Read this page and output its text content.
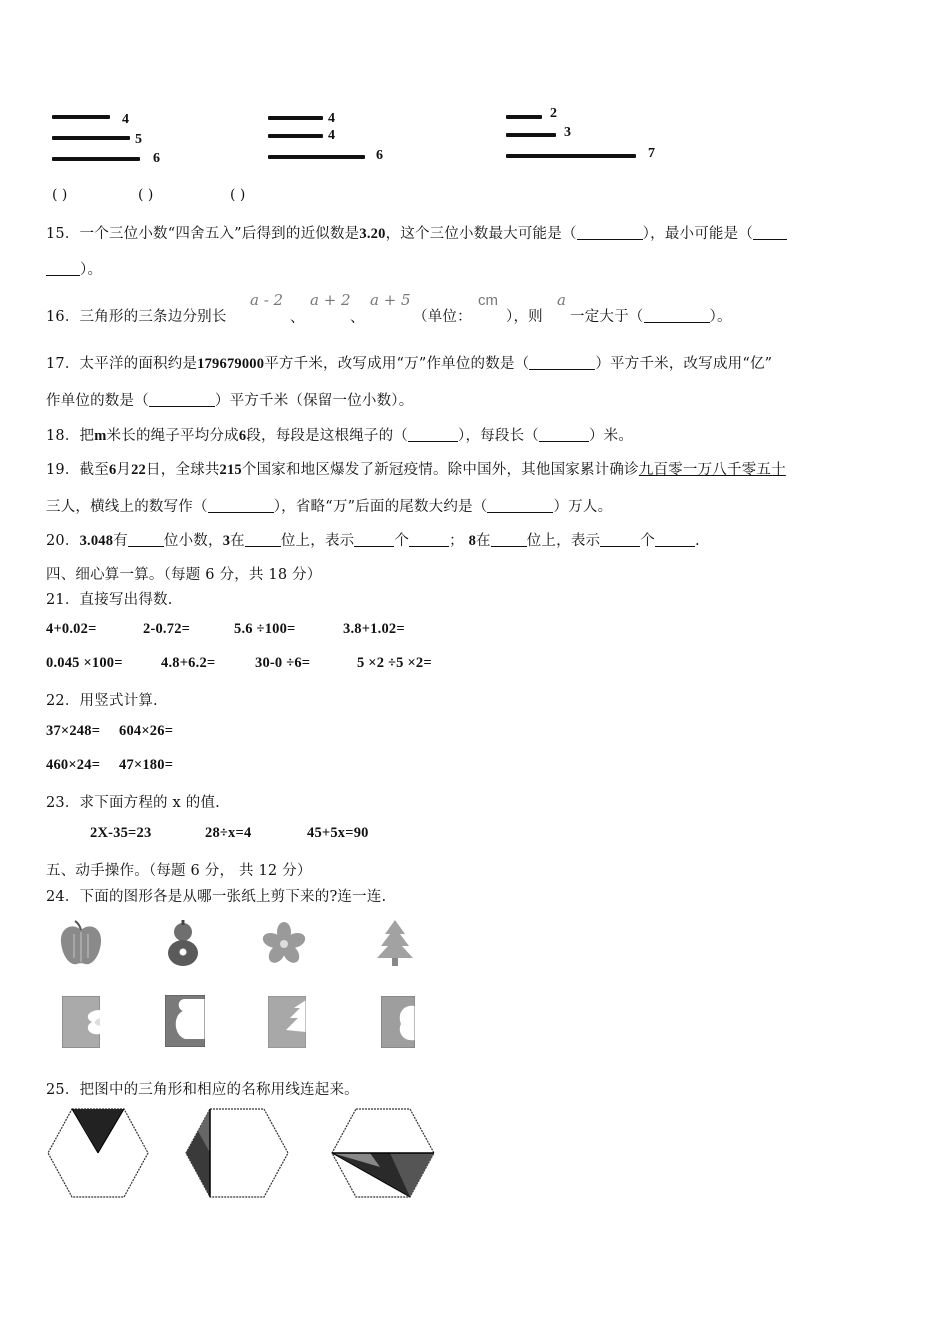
4
5
6
4
4
6
2
3
7
( )	( )	( )
15．一个三位小数“四舍五入”后得到的近似数是3.20，这个三位小数最大可能是（	），最小可能是（
）。
16．三角形的三条边分别长
a - 2
、
a + 2
、
a + 5
（单位：
cm
），则
a
一定大于（	）。
17．太平洋的面积约是179679000平方千米，改写成用“万”作单位的数是（	）平方千米，改写成用“亿”
作单位的数是（	）平方千米（保留一位小数）。
18．把m米长的绳子平均分成6段，每段是这根绳子的（	），每段长（	）米。
19．截至6月22日，全球共215个国家和地区爆发了新冠疫情。除中国外，其他国家累计确诊九百零一万八千零五十
三人，横线上的数写作（	），省略“万”后面的尾数大约是（	）万人。
20．3.048有 位小数，3在 位上，表示	个	； 8在 位上，表示	个	.
四、细心算一算。（每题 6 分，共 18 分）
21．直接写出得数.
4+0.02=	2-0.72=	5.6 ÷100=	3.8+1.02=
0.045 ×100=	4.8+6.2=	30-0 ÷6=	5 ×2 ÷5 ×2=
22．用竖式计算.
37×248= 604×26=
460×24= 47×180=
23．求下面方程的 x 的值.
2X-35=23	28÷x=4	45+5x=90
五、动手操作。（每题 6 分， 共 12 分）
24．下面的图形各是从哪一张纸上剪下来的?连一连.
25．把图中的三角形和相应的名称用线连起来。
